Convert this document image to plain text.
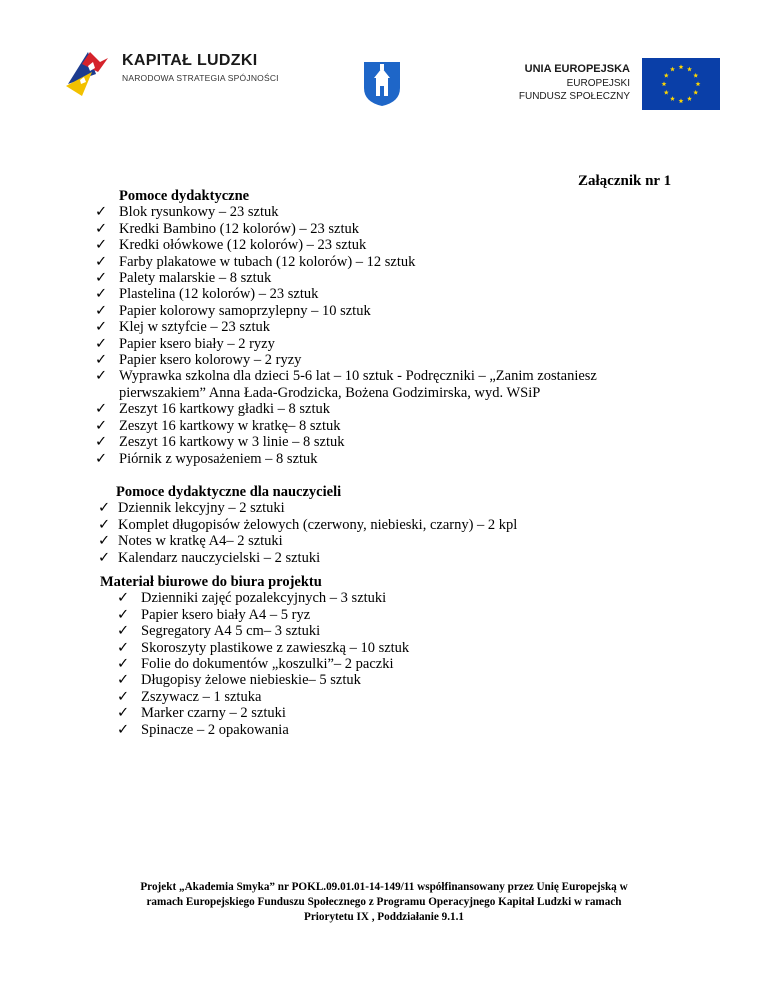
KAPITAŁ LUDZKI
NARODOWA STRATEGIA SPÓJNOŚCI
UNIA EUROPEJSKA
EUROPEJSKI
FUNDUSZ SPOŁECZNY
Załącznik nr 1
Pomoce dydaktyczne
✓ Blok rysunkowy – 23 sztuk
✓ Kredki Bambino (12 kolorów) – 23 sztuk
✓ Kredki ołówkowe (12 kolorów) – 23 sztuk
✓ Farby plakatowe w tubach (12 kolorów) – 12 sztuk
✓ Palety malarskie – 8 sztuk
✓ Plastelina (12 kolorów) – 23 sztuk
✓ Papier kolorowy samoprzylepny – 10 sztuk
✓ Klej w sztyfcie – 23 sztuk
✓ Papier ksero biały – 2 ryzy
✓ Papier ksero kolorowy – 2 ryzy
✓ Wyprawka szkolna dla dzieci 5-6 lat – 10 sztuk - Podręczniki – „Zanim zostaniesz pierwszakiem” Anna Łada-Grodzicka, Bożena Godzimirska, wyd. WSiP
✓ Zeszyt 16 kartkowy gładki – 8 sztuk
✓ Zeszyt 16 kartkowy w kratkę– 8 sztuk
✓ Zeszyt 16 kartkowy w 3 linie – 8 sztuk
✓ Piórnik z wyposażeniem – 8 sztuk
Pomoce dydaktyczne dla nauczycieli
✓ Dziennik lekcyjny – 2 sztuki
✓ Komplet długopisów żelowych (czerwony, niebieski, czarny) – 2 kpl
✓ Notes w kratkę A4– 2 sztuki
✓ Kalendarz nauczycielski – 2 sztuki
Materiał biurowe do biura projektu
✓ Dzienniki zajęć pozalekcyjnych – 3 sztuki
✓ Papier ksero biały A4 – 5 ryz
✓ Segregatory A4 5 cm– 3 sztuki
✓ Skoroszyty plastikowe z zawieszką – 10 sztuk
✓ Folie do dokumentów „koszulki”– 2 paczki
✓ Długopisy żelowe niebieskie– 5 sztuk
✓ Zszywacz – 1 sztuka
✓ Marker czarny – 2 sztuki
✓ Spinacze – 2 opakowania
Projekt „Akademia Smyka” nr POKL.09.01.01-14-149/11 współfinansowany przez Unię Europejską w
ramach Europejskiego Funduszu Społecznego z Programu Operacyjnego Kapitał Ludzki w ramach
Priorytetu IX , Poddziałanie 9.1.1
